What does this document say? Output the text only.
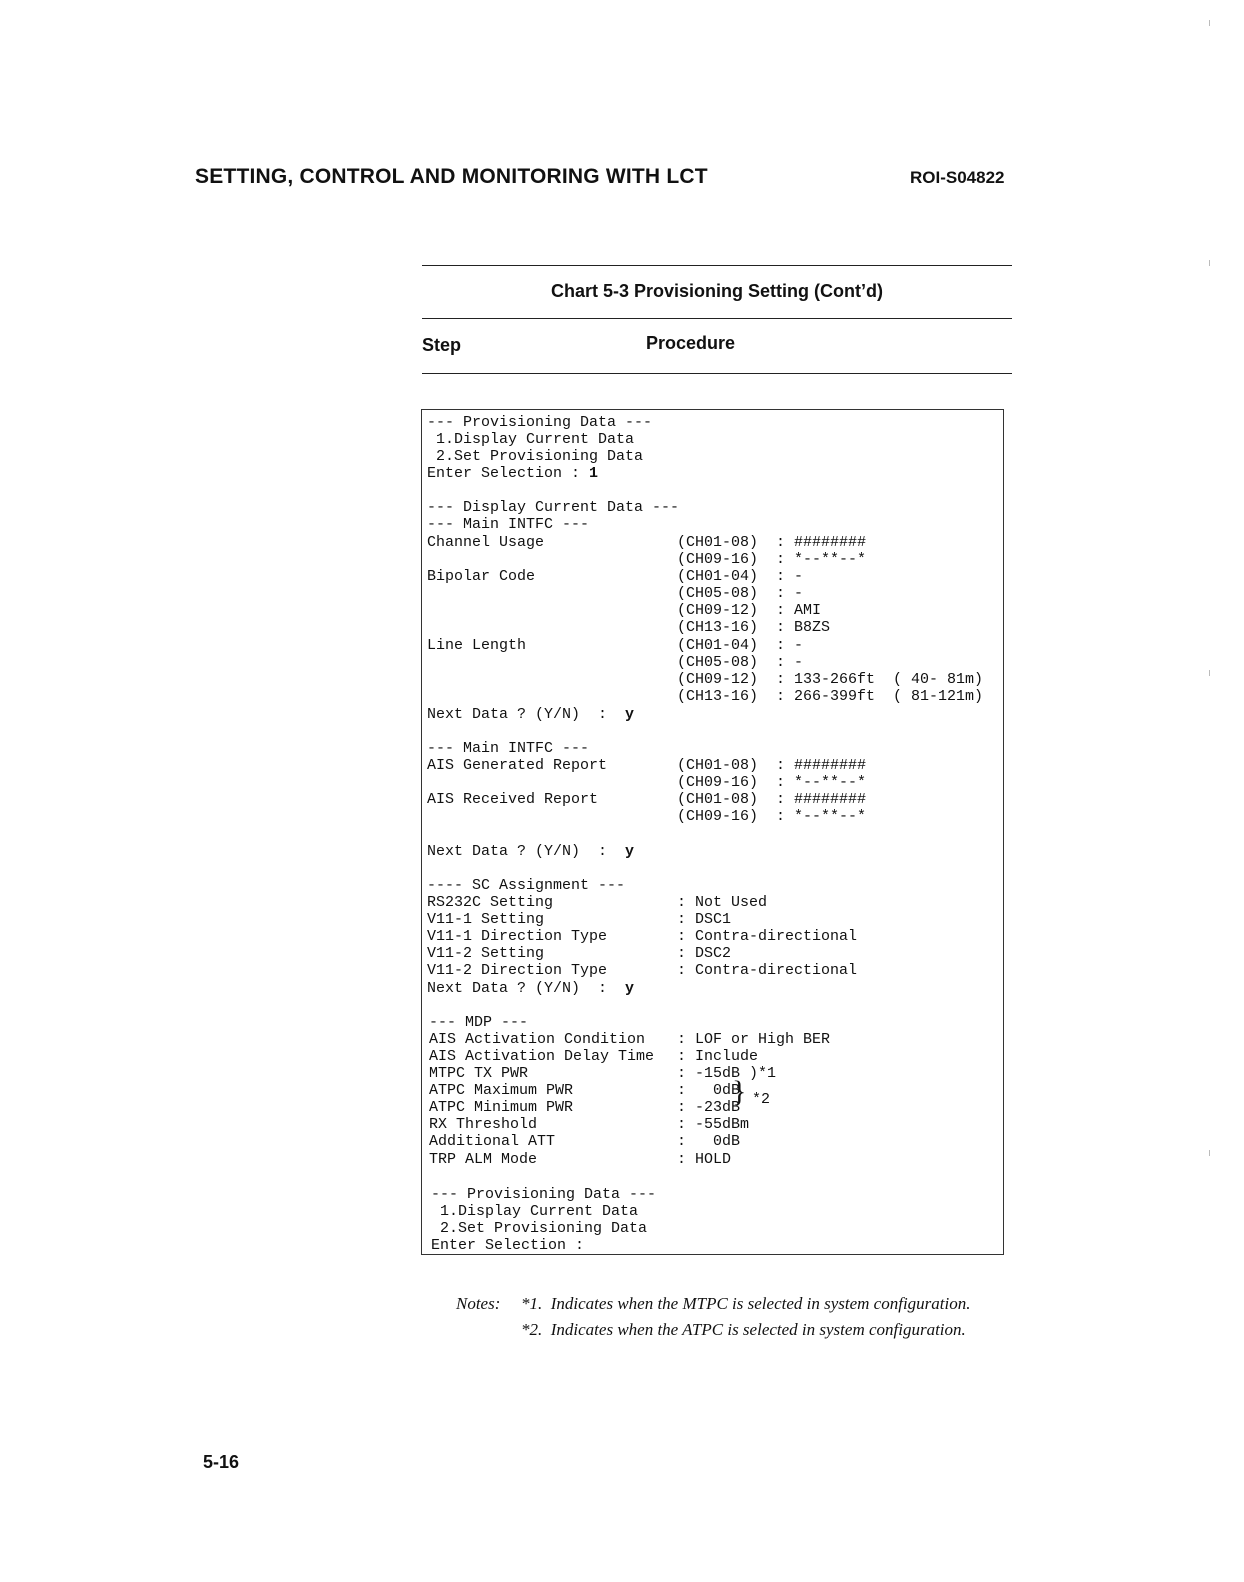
SETTING, CONTROL AND MONITORING WITH LCT	ROI-S04822
Chart 5-3 Provisioning Setting (Cont’d)
Step	Procedure
--- Provisioning Data ---
1.Display Current Data
2.Set Provisioning Data
Enter Selection : 1
--- Display Current Data ---
--- Main INTFC ---
Channel Usage	(CH01-08)  : ########
(CH09-16)  : *--**--*
Bipolar Code	(CH01-04)  : -
(CH05-08)  : -
(CH09-12)  : AMI
(CH13-16)  : B8ZS
Line Length	(CH01-04)  : -
(CH05-08)  : -
(CH09-12)  : 133-266ft  ( 40- 81m)
(CH13-16)  : 266-399ft  ( 81-121m)
Next Data ? (Y/N)  :  y
--- Main INTFC ---
AIS Generated Report	(CH01-08)  : ########
(CH09-16)  : *--**--*
AIS Received Report	(CH01-08)  : ########
(CH09-16)  : *--**--*
Next Data ? (Y/N)  :  y
---- SC Assignment ---
RS232C Setting	: Not Used
V11-1 Setting	: DSC1
V11-1 Direction Type	: Contra-directional
V11-2 Setting	: DSC2
V11-2 Direction Type	: Contra-directional
Next Data ? (Y/N)  :  y
--- MDP ---
AIS Activation Condition : LOF or High BER
AIS Activation Delay Time : Include
MTPC TX PWR	: -15dB )*1
ATPC Maximum PWR	:   0dB
ATPC Minimum PWR	: -23dB
} *2
RX Threshold	: -55dBm
Additional ATT	:   0dB
TRP ALM Mode	: HOLD
--- Provisioning Data ---
1.Display Current Data
2.Set Provisioning Data
Enter Selection :
Notes: *1.  Indicates when the MTPC is selected in system configuration.
*2.  Indicates when the ATPC is selected in system configuration.
5-16
